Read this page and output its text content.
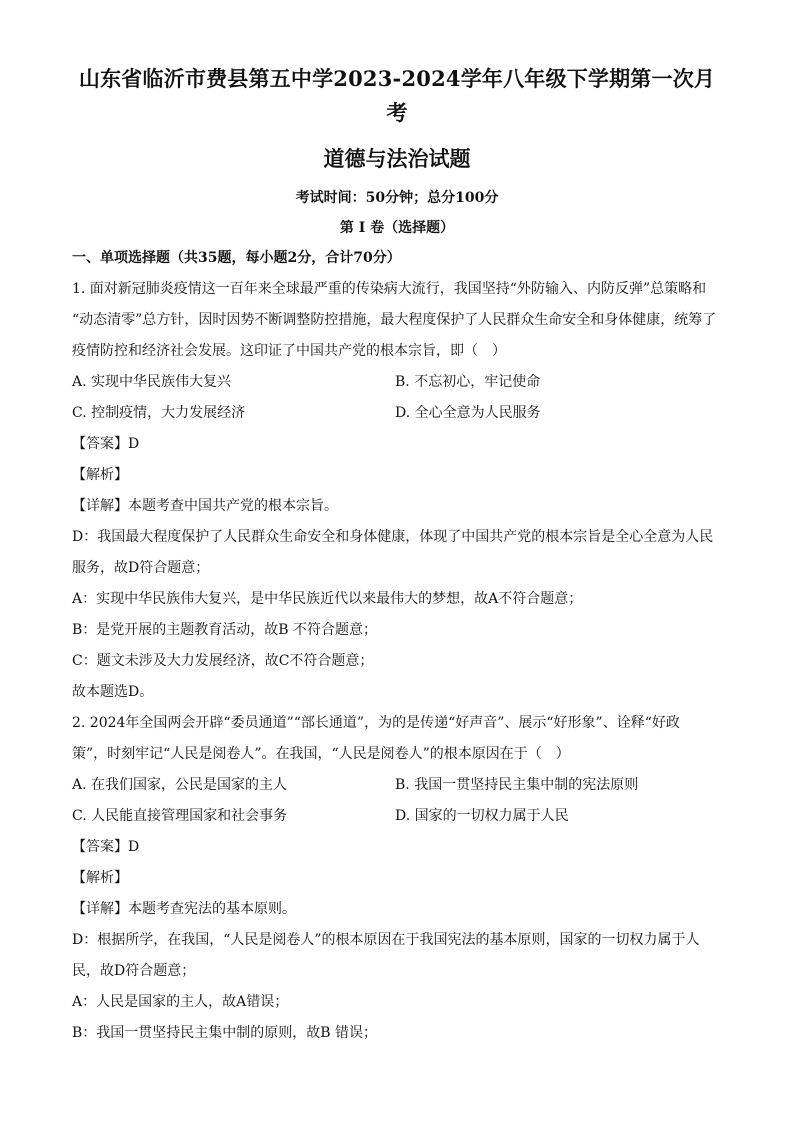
山东省临沂市费县第五中学2023-2024学年八年级下学期第一次月考
道德与法治试题
考试时间：50分钟；总分100分
第 I 卷（选择题）
一、单项选择题（共35题，每小题2分，合计70分）

1. 面对新冠肺炎疫情这一百年来全球最严重的传染病大流行，我国坚持“外防输入、内防反弹”总策略和

“动态清零”总方针，因时因势不断调整防控措施，最大程度保护了人民群众生命安全和身体健康，统筹了

疫情防控和经济社会发展。这印证了中国共产党的根本宗旨，即（　）

A. 实现中华民族伟大复兴	B. 不忘初心，牢记使命
C. 控制疫情，大力发展经济	D. 全心全意为人民服务

【答案】D

【解析】

【详解】本题考查中国共产党的根本宗旨。

D：我国最大程度保护了人民群众生命安全和身体健康，体现了中国共产党的根本宗旨是全心全意为人民

服务，故D符合题意；

A：实现中华民族伟大复兴，是中华民族近代以来最伟大的梦想，故A不符合题意；

B：是党开展的主题教育活动，故B 不符合题意；

C：题文未涉及大力发展经济，故C不符合题意；

故本题选D。

2. 2024年全国两会开辟“委员通道”“部长通道”，为的是传递“好声音”、展示“好形象”、诠释“好政

策”，时刻牢记“人民是阅卷人”。在我国，“人民是阅卷人”的根本原因在于（　）

A. 在我们国家，公民是国家的主人	B. 我国一贯坚持民主集中制的宪法原则
C. 人民能直接管理国家和社会事务	D. 国家的一切权力属于人民

【答案】D

【解析】

【详解】本题考查宪法的基本原则。

D：根据所学，在我国，“人民是阅卷人”的根本原因在于我国宪法的基本原则，国家的一切权力属于人

民，故D符合题意；

A：人民是国家的主人，故A错误；

B：我国一贯坚持民主集中制的原则，故B 错误；
